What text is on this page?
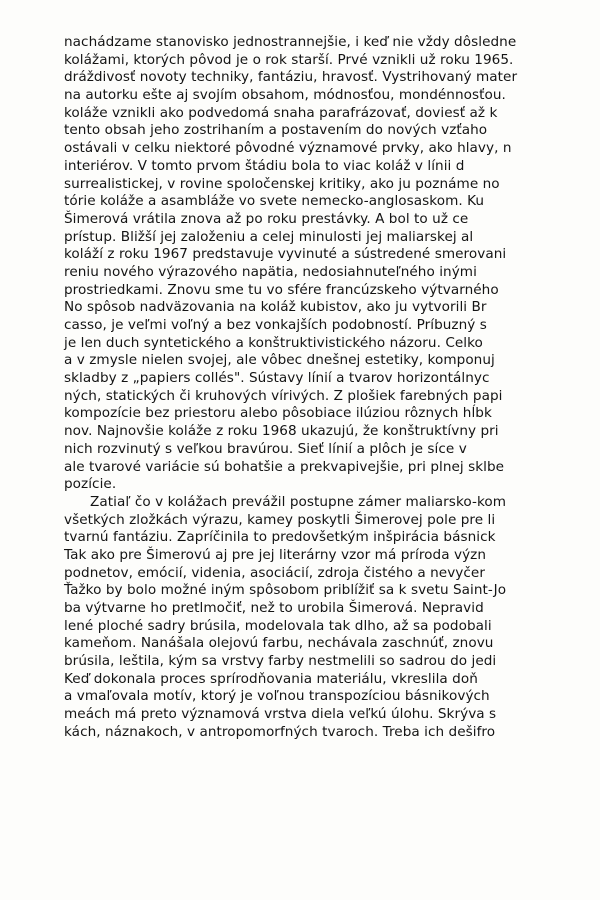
nachádzame stanovisko jednostrannejšie, i keď nie vždy dôsledne
kolážami, ktorých pôvod je o rok starší. Prvé vznikli už roku 1965.
dráždivosť novoty techniky, fantáziu, hravosť. Vystrihovaný mater
na autorku ešte aj svojím obsahom, módnosťou, mondénnosťou.
koláže vznikli ako podvedomá snaha parafrázovať, doviesť až k
tento obsah jeho zostrihaním a postavením do nových vzťaho
ostávali v celku niektoré pôvodné významové prvky, ako hlavy, n
interiérov. V tomto prvom štádiu bola to viac koláž v línii d
surrealistickej, v rovine spoločenskej kritiky, ako ju poznáme no
tórie koláže a asambláže vo svete nemecko-anglosaskom. Ku
Šimerová vrátila znova až po roku prestávky. A bol to už ce
prístup. Bližší jej založeniu a celej minulosti jej maliarskej al
koláží z roku 1967 predstavuje vyvinuté a sústredené smerovani
reniu nového výrazového napätia, nedosiahnuteľného inými
prostriedkami. Znovu sme tu vo sfére francúzskeho výtvarného
No spôsob nadväzovania na koláž kubistov, ako ju vytvorili Br
casso, je veľmi voľný a bez vonkajších podobností. Príbuzný s
je len duch syntetického a konštruktivistického názoru. Celko
a v zmysle nielen svojej, ale vôbec dnešnej estetiky, komponuj
skladby z „papiers collés". Sústavy línií a tvarov horizontálnyc
ných, statických či kruhových vírivých. Z plošiek farebných papi
kompozície bez priestoru alebo pôsobiace ilúziou rôznych hĺbk
nov. Najnovšie koláže z roku 1968 ukazujú, že konštruktívny pri
nich rozvinutý s veľkou bravúrou. Sieť línií a plôch je síce v
ale tvarové variácie sú bohatšie a prekvapivejšie, pri plnej sklbe
pozície.
Zatiaľ čo v kolážach prevážil postupne zámer maliarsko-kom
všetkých zložkách výrazu, kamey poskytli Šimerovej pole pre li
tvarnú fantáziu. Zapríčinila to predovšetkým inšpirácia básnick
Tak ako pre Šimerovú aj pre jej literárny vzor má príroda význ
podnetov, emócií, videnia, asociácií, zdroja čistého a nevyčer
Ťažko by bolo možné iným spôsobom priblížiť sa k svetu Saint-Jo
ba výtvarne ho pretlmočiť, než to urobila Šimerová. Nepravid
lené ploché sadry brúsila, modelovala tak dlho, až sa podobali
kameňom. Nanášala olejovú farbu, nechávala zaschnúť, znovu
brúsila, leštila, kým sa vrstvy farby nestmelili so sadrou do jedi
Keď dokonala proces sprírodňovania materiálu, vkreslila doň
a vmaľovala motív, ktorý je voľnou transpozíciou básnikových
meách má preto významová vrstva diela veľkú úlohu. Skrýva s
kách, náznakoch, v antropomorfných tvaroch. Treba ich dešifro
